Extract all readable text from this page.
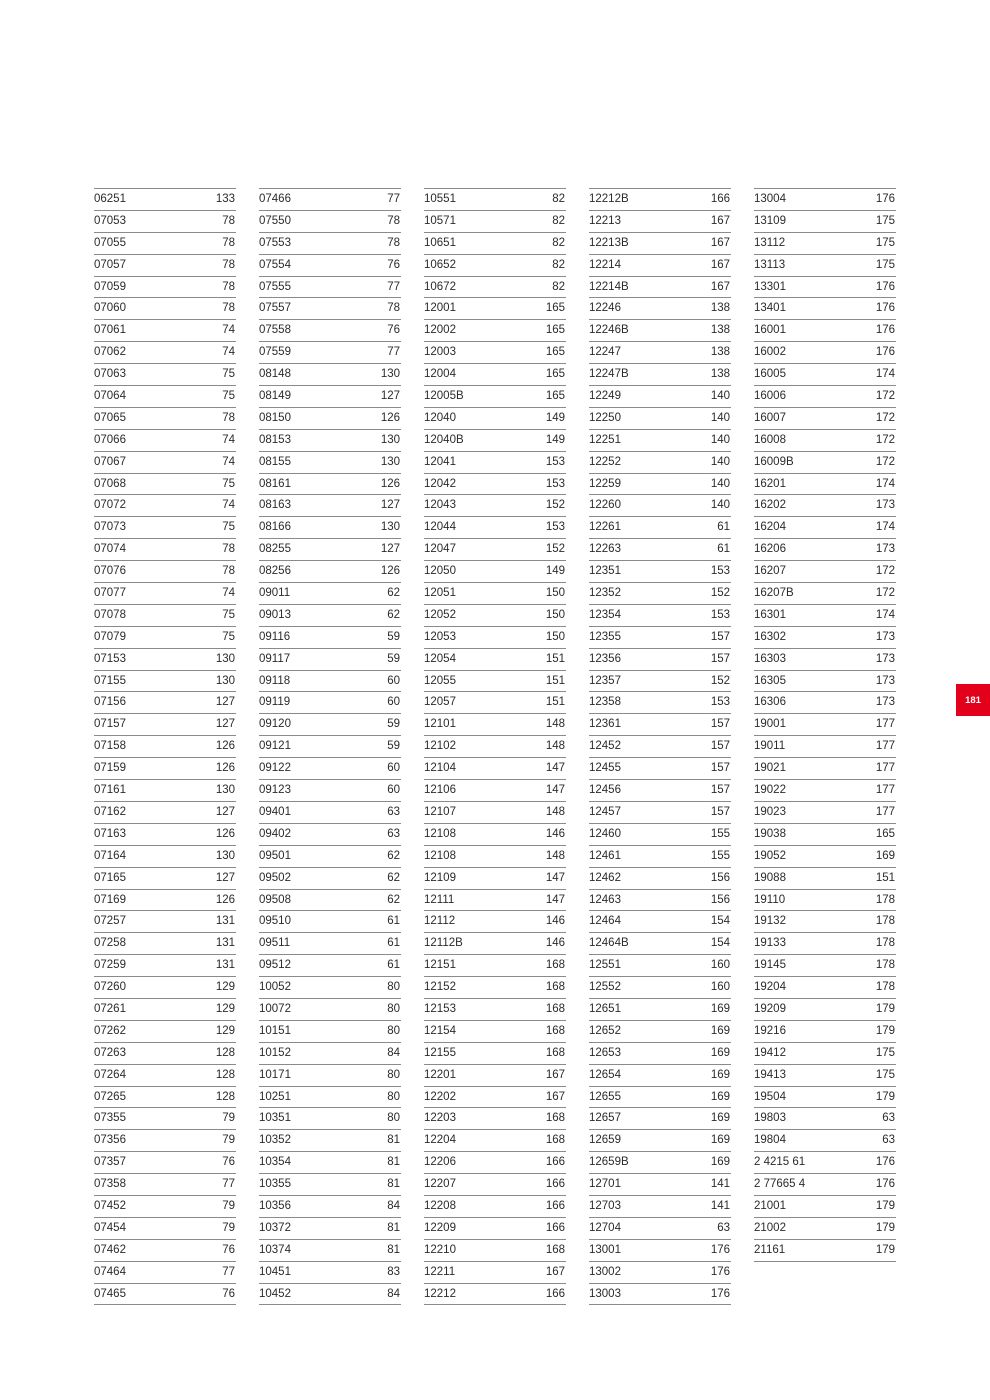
06251	133
07053	78
07055	78
07057	78
07059	78
07060	78
07061	74
07062	74
07063	75
07064	75
07065	78
07066	74
07067	74
07068	75
07072	74
07073	75
07074	78
07076	78
07077	74
07078	75
07079	75
07153	130
07155	130
07156	127
07157	127
07158	126
07159	126
07161	130
07162	127
07163	126
07164	130
07165	127
07169	126
07257	131
07258	131
07259	131
07260	129
07261	129
07262	129
07263	128
07264	128
07265	128
07355	79
07356	79
07357	76
07358	77
07452	79
07454	79
07462	76
07464	77
07465	76
07466	77
07550	78
07553	78
07554	76
07555	77
07557	78
07558	76
07559	77
08148	130
08149	127
08150	126
08153	130
08155	130
08161	126
08163	127
08166	130
08255	127
08256	126
09011	62
09013	62
09116	59
09117	59
09118	60
09119	60
09120	59
09121	59
09122	60
09123	60
09401	63
09402	63
09501	62
09502	62
09508	62
09510	61
09511	61
09512	61
10052	80
10072	80
10151	80
10152	84
10171	80
10251	80
10351	80
10352	81
10354	81
10355	81
10356	84
10372	81
10374	81
10451	83
10452	84
10551	82
10571	82
10651	82
10652	82
10672	82
12001	165
12002	165
12003	165
12004	165
12005B	165
12040	149
12040B	149
12041	153
12042	153
12043	152
12044	153
12047	152
12050	149
12051	150
12052	150
12053	150
12054	151
12055	151
12057	151
12101	148
12102	148
12104	147
12106	147
12107	148
12108	146
12108	148
12109	147
12111	147
12112	146
12112B	146
12151	168
12152	168
12153	168
12154	168
12155	168
12201	167
12202	167
12203	168
12204	168
12206	166
12207	166
12208	166
12209	166
12210	168
12211	167
12212	166
12212B	166
12213	167
12213B	167
12214	167
12214B	167
12246	138
12246B	138
12247	138
12247B	138
12249	140
12250	140
12251	140
12252	140
12259	140
12260	140
12261	61
12263	61
12351	153
12352	152
12354	153
12355	157
12356	157
12357	152
12358	153
12361	157
12452	157
12455	157
12456	157
12457	157
12460	155
12461	155
12462	156
12463	156
12464	154
12464B	154
12551	160
12552	160
12651	169
12652	169
12653	169
12654	169
12655	169
12657	169
12659	169
12659B	169
12701	141
12703	141
12704	63
13001	176
13002	176
13003	176
13004	176
13109	175
13112	175
13113	175
13301	176
13401	176
16001	176
16002	176
16005	174
16006	172
16007	172
16008	172
16009B	172
16201	174
16202	173
16204	174
16206	173
16207	172
16207B	172
16301	174
16302	173
16303	173
16305	173
16306	173
19001	177
19011	177
19021	177
19022	177
19023	177
19038	165
19052	169
19088	151
19110	178
19132	178
19133	178
19145	178
19204	178
19209	179
19216	179
19412	175
19413	175
19504	179
19803	63
19804	63
2 4215 61	176
2 77665 4	176
21001	179
21002	179
21161	179
181
